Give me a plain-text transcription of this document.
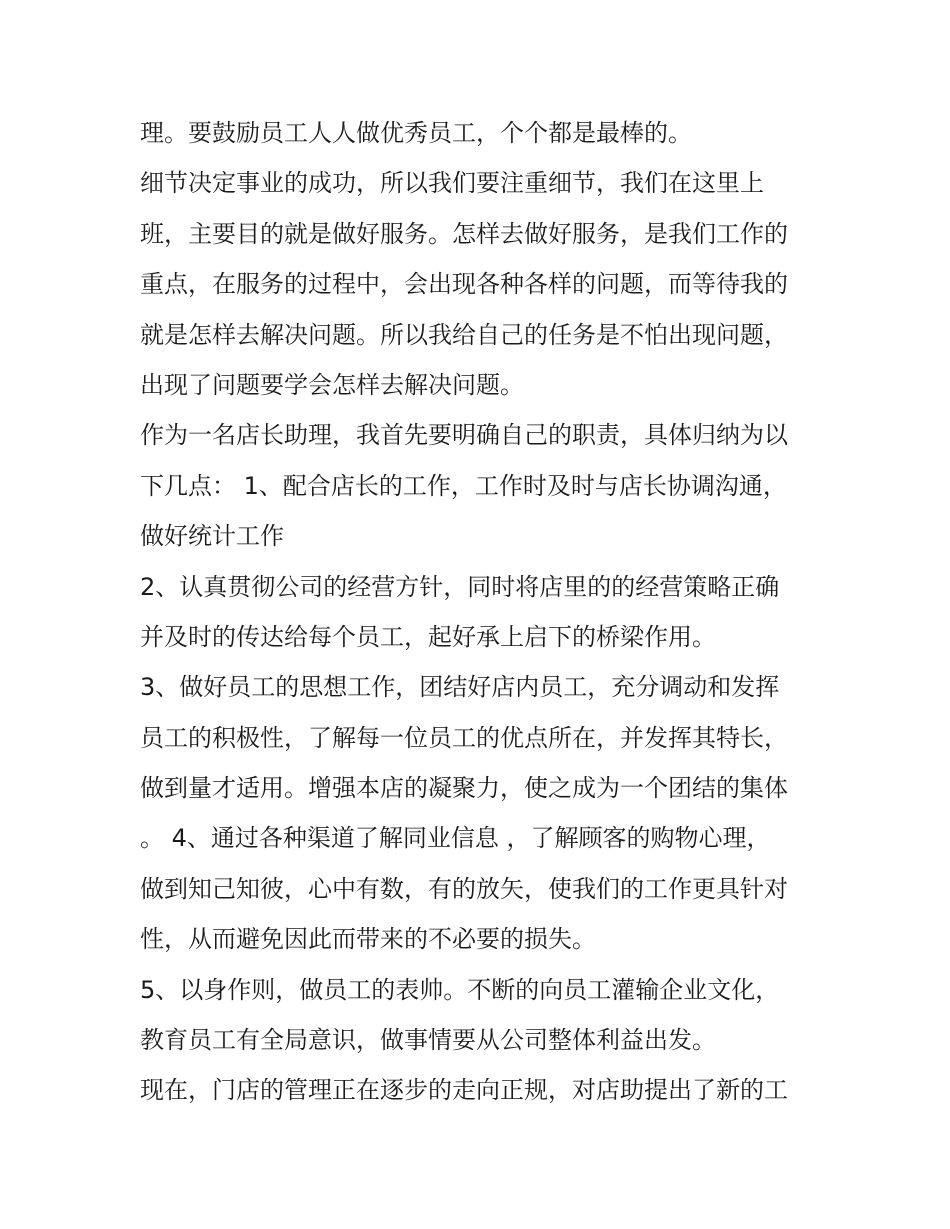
理。要鼓励员工人人做优秀员工，个个都是最棒的。
细节决定事业的成功，所以我们要注重细节，我们在这里上
班，主要目的就是做好服务。怎样去做好服务，是我们工作的
重点，在服务的过程中，会出现各种各样的问题，而等待我的
就是怎样去解决问题。所以我给自己的任务是不怕出现问题，
出现了问题要学会怎样去解决问题。
作为一名店长助理，我首先要明确自己的职责，具体归纳为以
下几点： 1、配合店长的工作，工作时及时与店长协调沟通，
做好统计工作
2、认真贯彻公司的经营方针，同时将店里的的经营策略正确
并及时的传达给每个员工，起好承上启下的桥梁作用。
3、做好员工的思想工作，团结好店内员工，充分调动和发挥
员工的积极性，了解每一位员工的优点所在，并发挥其特长，
做到量才适用。增强本店的凝聚力，使之成为一个团结的集体
。 4、通过各种渠道了解同业信息 ，了解顾客的购物心理，
做到知己知彼，心中有数，有的放矢，使我们的工作更具针对
性，从而避免因此而带来的不必要的损失。
5、以身作则，做员工的表帅。不断的向员工灌输企业文化，
教育员工有全局意识，做事情要从公司整体利益出发。
现在，门店的管理正在逐步的走向正规，对店助提出了新的工
